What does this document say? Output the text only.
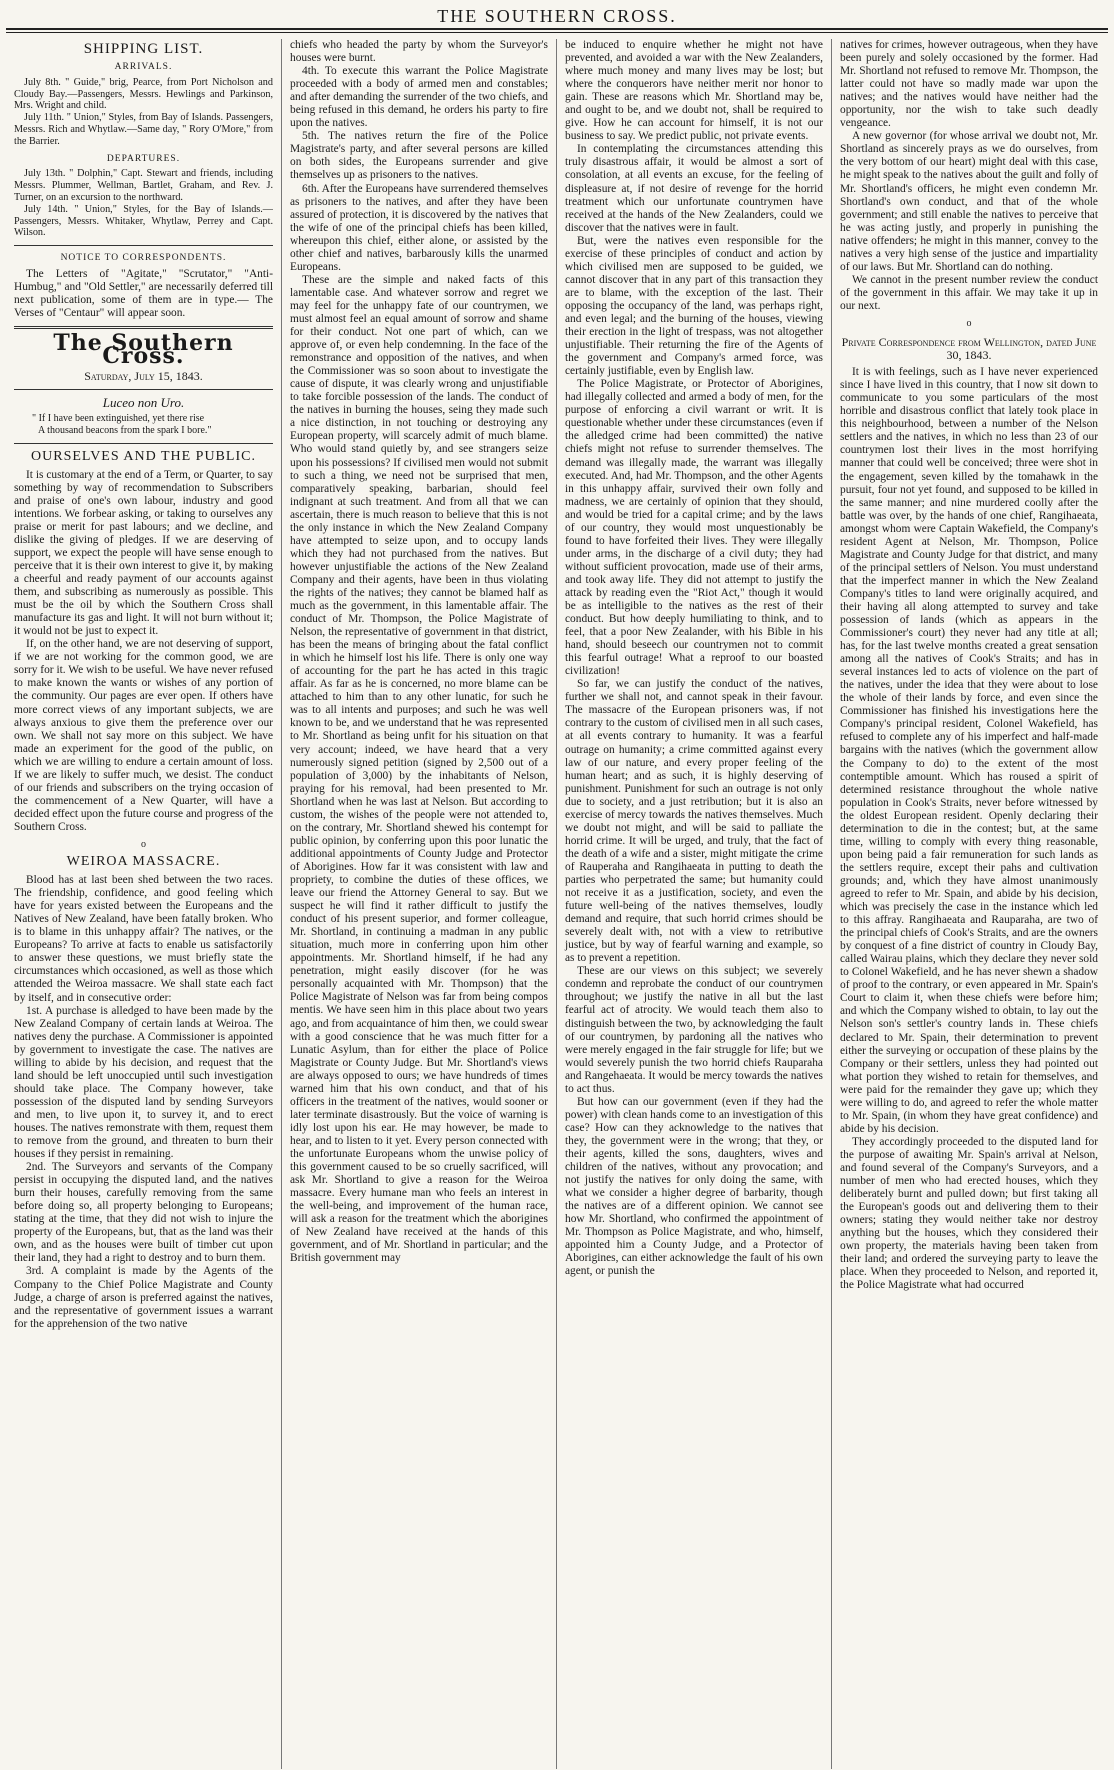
THE SOUTHERN CROSS.
SHIPPING LIST.
ARRIVALS.

July 8th. " Guide," brig, Pearce, from Port Nicholson and Cloudy Bay.—Passengers, Messrs. Hewlings and Parkinson, Mrs. Wright and child.

July 11th. " Union," Styles, from Bay of Islands. Passengers, Messrs. Rich and Whytlaw.—Same day, " Rory O'More," from the Barrier.

DEPARTURES.

July 13th. " Dolphin," Capt. Stewart and friends, including Messrs. Plummer, Wellman, Bartlet, Graham, and Rev. J. Turner, on an excursion to the northward.

July 14th. " Union," Styles, for the Bay of Islands.—Passengers, Messrs. Whitaker, Whytlaw, Perrey and Capt. Wilson.

NOTICE TO CORRESPONDENTS.

The Letters of "Agitate," "Scrutator," "Anti-Humbug," and "Old Settler," are necessarily deferred till next publication, some of them are in type.— The Verses of "Centaur" will appear soon.

The Southern Cross.
Saturday, July 15, 1843.
Luceo non Uro.
" If I have been extinguished, yet there rise
A thousand beacons from the spark I bore."
OURSELVES AND THE PUBLIC.

It is customary at the end of a Term, or Quarter, to say something by way of recommendation to Subscribers and praise of one's own labour, industry and good intentions. We forbear asking, or taking to ourselves any praise or merit for past labours; and we decline, and dislike the giving of pledges. If we are deserving of support, we expect the people will have sense enough to perceive that it is their own interest to give it, by making a cheerful and ready payment of our accounts against them, and subscribing as numerously as possible. This must be the oil by which the Southern Cross shall manufacture its gas and light. It will not burn without it; it would not be just to expect it.

If, on the other hand, we are not deserving of support, if we are not working for the common good, we are sorry for it. We wish to be useful. We have never refused to make known the wants or wishes of any portion of the community. Our pages are ever open. If others have more correct views of any important subjects, we are always anxious to give them the preference over our own. We shall not say more on this subject. We have made an experiment for the good of the public, on which we are willing to endure a certain amount of loss. If we are likely to suffer much, we desist. The conduct of our friends and subscribers on the trying occasion of the commencement of a New Quarter, will have a decided effect upon the future course and progress of the Southern Cross.

o
WEIROA MASSACRE.

Blood has at last been shed between the two races. The friendship, confidence, and good feeling which have for years existed between the Europeans and the Natives of New Zealand, have been fatally broken. Who is to blame in this unhappy affair? The natives, or the Europeans? To arrive at facts to enable us satisfactorily to answer these questions, we must briefly state the circumstances which occasioned, as well as those which attended the Weiroa massacre. We shall state each fact by itself, and in consecutive order:

1st. A purchase is alledged to have been made by the New Zealand Company of certain lands at Weiroa. The natives deny the purchase. A Commissioner is appointed by government to investigate the case. The natives are willing to abide by his decision, and request that the land should be left unoccupied until such investigation should take place. The Company however, take possession of the disputed land by sending Surveyors and men, to live upon it, to survey it, and to erect houses. The natives remonstrate with them, request them to remove from the ground, and threaten to burn their houses if they persist in remaining.

2nd. The Surveyors and servants of the Company persist in occupying the disputed land, and the natives burn their houses, carefully removing from the same before doing so, all property belonging to Europeans; stating at the time, that they did not wish to injure the property of the Europeans, but, that as the land was their own, and as the houses were built of timber cut upon their land, they had a right to destroy and to burn them.

3rd. A complaint is made by the Agents of the Company to the Chief Police Magistrate and County Judge, a charge of arson is preferred against the natives, and the representative of government issues a warrant for the apprehension of the two native

chiefs who headed the party by whom the Surveyor's houses were burnt.

4th. To execute this warrant the Police Magistrate proceeded with a body of armed men and constables; and after demanding the surrender of the two chiefs, and being refused in this demand, he orders his party to fire upon the natives.

5th. The natives return the fire of the Police Magistrate's party, and after several persons are killed on both sides, the Europeans surrender and give themselves up as prisoners to the natives.

6th. After the Europeans have surrendered themselves as prisoners to the natives, and after they have been assured of protection, it is discovered by the natives that the wife of one of the principal chiefs has been killed, whereupon this chief, either alone, or assisted by the other chief and natives, barbarously kills the unarmed Europeans.

These are the simple and naked facts of this lamentable case. And whatever sorrow and regret we may feel for the unhappy fate of our countrymen, we must almost feel an equal amount of sorrow and shame for their conduct. Not one part of which, can we approve of, or even help condemning. In the face of the remonstrance and opposition of the natives, and when the Commissioner was so soon about to investigate the cause of dispute, it was clearly wrong and unjustifiable to take forcible possession of the lands. The conduct of the natives in burning the houses, seing they made such a nice distinction, in not touching or destroying any European property, will scarcely admit of much blame. Who would stand quietly by, and see strangers seize upon his possessions? If civilised men would not submit to such a thing, we need not be surprised that men, comparatively speaking, barbarian, should feel indignant at such treatment. And from all that we can ascertain, there is much reason to believe that this is not the only instance in which the New Zealand Company have attempted to seize upon, and to occupy lands which they had not purchased from the natives. But however unjustifiable the actions of the New Zealand Company and their agents, have been in thus violating the rights of the natives; they cannot be blamed half as much as the government, in this lamentable affair. The conduct of Mr. Thompson, the Police Magistrate of Nelson, the representative of government in that district, has been the means of bringing about the fatal conflict in which he himself lost his life. There is only one way of accounting for the part he has acted in this tragic affair. As far as he is concerned, no more blame can be attached to him than to any other lunatic, for such he was to all intents and purposes; and such he was well known to be, and we understand that he was represented to Mr. Shortland as being unfit for his situation on that very account; indeed, we have heard that a very numerously signed petition (signed by 2,500 out of a population of 3,000) by the inhabitants of Nelson, praying for his removal, had been presented to Mr. Shortland when he was last at Nelson. But according to custom, the wishes of the people were not attended to, on the contrary, Mr. Shortland shewed his contempt for public opinion, by conferring upon this poor lunatic the additional appointments of County Judge and Protector of Aborigines. How far it was consistent with law and propriety, to combine the duties of these offices, we leave our friend the Attorney General to say. But we suspect he will find it rather difficult to justify the conduct of his present superior, and former colleague, Mr. Shortland, in continuing a madman in any public situation, much more in conferring upon him other appointments. Mr. Shortland himself, if he had any penetration, might easily discover (for he was personally acquainted with Mr. Thompson) that the Police Magistrate of Nelson was far from being compos mentis. We have seen him in this place about two years ago, and from acquaintance of him then, we could swear with a good conscience that he was much fitter for a Lunatic Asylum, than for either the place of Police Magistrate or County Judge. But Mr. Shortland's views are always opposed to ours; we have hundreds of times warned him that his own conduct, and that of his officers in the treatment of the natives, would sooner or later terminate disastrously. But the voice of warning is idly lost upon his ear. He may however, be made to hear, and to listen to it yet. Every person connected with the unfortunate Europeans whom the unwise policy of this government caused to be so cruelly sacrificed, will ask Mr. Shortland to give a reason for the Weiroa massacre. Every humane man who feels an interest in the well-being, and improvement of the human race, will ask a reason for the treatment which the aborigines of New Zealand have received at the hands of this government, and of Mr. Shortland in particular; and the British government may

be induced to enquire whether he might not have prevented, and avoided a war with the New Zealanders, where much money and many lives may be lost; but where the conquerors have neither merit nor honor to gain. These are reasons which Mr. Shortland may be, and ought to be, and we doubt not, shall be required to give. How he can account for himself, it is not our business to say. We predict public, not private events.

In contemplating the circumstances attending this truly disastrous affair, it would be almost a sort of consolation, at all events an excuse, for the feeling of displeasure at, if not desire of revenge for the horrid treatment which our unfortunate countrymen have received at the hands of the New Zealanders, could we discover that the natives were in fault.

But, were the natives even responsible for the exercise of these principles of conduct and action by which civilised men are supposed to be guided, we cannot discover that in any part of this transaction they are to blame, with the exception of the last. Their opposing the occupancy of the land, was perhaps right, and even legal; and the burning of the houses, viewing their erection in the light of trespass, was not altogether unjustifiable. Their returning the fire of the Agents of the government and Company's armed force, was certainly justifiable, even by English law.

The Police Magistrate, or Protector of Aborigines, had illegally collected and armed a body of men, for the purpose of enforcing a civil warrant or writ. It is questionable whether under these circumstances (even if the alledged crime had been committed) the native chiefs might not refuse to surrender themselves. The demand was illegally made, the warrant was illegally executed. And, had Mr. Thompson, and the other Agents in this unhappy affair, survived their own folly and madness, we are certainly of opinion that they should, and would be tried for a capital crime; and by the laws of our country, they would most unquestionably be found to have forfeited their lives. They were illegally under arms, in the discharge of a civil duty; they had without sufficient provocation, made use of their arms, and took away life. They did not attempt to justify the attack by reading even the "Riot Act," though it would be as intelligible to the natives as the rest of their conduct. But how deeply humiliating to think, and to feel, that a poor New Zealander, with his Bible in his hand, should beseech our countrymen not to commit this fearful outrage! What a reproof to our boasted civilization!

So far, we can justify the conduct of the natives, further we shall not, and cannot speak in their favour. The massacre of the European prisoners was, if not contrary to the custom of civilised men in all such cases, at all events contrary to humanity. It was a fearful outrage on humanity; a crime committed against every law of our nature, and every proper feeling of the human heart; and as such, it is highly deserving of punishment. Punishment for such an outrage is not only due to society, and a just retribution; but it is also an exercise of mercy towards the natives themselves. Much we doubt not might, and will be said to palliate the horrid crime. It will be urged, and truly, that the fact of the death of a wife and a sister, might mitigate the crime of Rauperaha and Rangihaeata in putting to death the parties who perpetrated the same; but humanity could not receive it as a justification, society, and even the future well-being of the natives themselves, loudly demand and require, that such horrid crimes should be severely dealt with, not with a view to retributive justice, but by way of fearful warning and example, so as to prevent a repetition.

These are our views on this subject; we severely condemn and reprobate the conduct of our countrymen throughout; we justify the native in all but the last fearful act of atrocity. We would teach them also to distinguish between the two, by acknowledging the fault of our countrymen, by pardoning all the natives who were merely engaged in the fair struggle for life; but we would severely punish the two horrid chiefs Rauparaha and Rangehaeata. It would be mercy towards the natives to act thus.

But how can our government (even if they had the power) with clean hands come to an investigation of this case? How can they acknowledge to the natives that they, the government were in the wrong; that they, or their agents, killed the sons, daughters, wives and children of the natives, without any provocation; and not justify the natives for only doing the same, with what we consider a higher degree of barbarity, though the natives are of a different opinion. We cannot see how Mr. Shortland, who confirmed the appointment of Mr. Thompson as Police Magistrate, and who, himself, appointed him a County Judge, and a Protector of Aborigines, can either acknowledge the fault of his own agent, or punish the

natives for crimes, however outrageous, when they have been purely and solely occasioned by the former. Had Mr. Shortland not refused to remove Mr. Thompson, the latter could not have so madly made war upon the natives; and the natives would have neither had the opportunity, nor the wish to take such deadly vengeance.

A new governor (for whose arrival we doubt not, Mr. Shortland as sincerely prays as we do ourselves, from the very bottom of our heart) might deal with this case, he might speak to the natives about the guilt and folly of Mr. Shortland's officers, he might even condemn Mr. Shortland's own conduct, and that of the whole government; and still enable the natives to perceive that he was acting justly, and properly in punishing the native offenders; he might in this manner, convey to the natives a very high sense of the justice and impartiality of our laws. But Mr. Shortland can do nothing.

We cannot in the present number review the conduct of the government in this affair. We may take it up in our next.

o
Private Correspondence from Wellington, dated June 30, 1843.

It is with feelings, such as I have never experienced since I have lived in this country, that I now sit down to communicate to you some particulars of the most horrible and disastrous conflict that lately took place in this neighbourhood, between a number of the Nelson settlers and the natives, in which no less than 23 of our countrymen lost their lives in the most horrifying manner that could well be conceived; three were shot in the engagement, seven killed by the tomahawk in the pursuit, four not yet found, and supposed to be killed in the same manner; and nine murdered coolly after the battle was over, by the hands of one chief, Rangihaeata, amongst whom were Captain Wakefield, the Company's resident Agent at Nelson, Mr. Thompson, Police Magistrate and County Judge for that district, and many of the principal settlers of Nelson. You must understand that the imperfect manner in which the New Zealand Company's titles to land were originally acquired, and their having all along attempted to survey and take possession of lands (which as appears in the Commissioner's court) they never had any title at all; has, for the last twelve months created a great sensation among all the natives of Cook's Straits; and has in several instances led to acts of violence on the part of the natives, under the idea that they were about to lose the whole of their lands by force, and even since the Commissioner has finished his investigations here the Company's principal resident, Colonel Wakefield, has refused to complete any of his imperfect and half-made bargains with the natives (which the government allow the Company to do) to the extent of the most contemptible amount. Which has roused a spirit of determined resistance throughout the whole native population in Cook's Straits, never before witnessed by the oldest European resident. Openly declaring their determination to die in the contest; but, at the same time, willing to comply with every thing reasonable, upon being paid a fair remuneration for such lands as the settlers require, except their pahs and cultivation grounds; and, which they have almost unanimously agreed to refer to Mr. Spain, and abide by his decision, which was precisely the case in the instance which led to this affray. Rangihaeata and Rauparaha, are two of the principal chiefs of Cook's Straits, and are the owners by conquest of a fine district of country in Cloudy Bay, called Wairau plains, which they declare they never sold to Colonel Wakefield, and he has never shewn a shadow of proof to the contrary, or even appeared in Mr. Spain's Court to claim it, when these chiefs were before him; and which the Company wished to obtain, to lay out the Nelson son's settler's country lands in. These chiefs declared to Mr. Spain, their determination to prevent either the surveying or occupation of these plains by the Company or their settlers, unless they had pointed out what portion they wished to retain for themselves, and were paid for the remainder they gave up; which they were willing to do, and agreed to refer the whole matter to Mr. Spain, (in whom they have great confidence) and abide by his decision.

They accordingly proceeded to the disputed land for the purpose of awaiting Mr. Spain's arrival at Nelson, and found several of the Company's Surveyors, and a number of men who had erected houses, which they deliberately burnt and pulled down; but first taking all the European's goods out and delivering them to their owners; stating they would neither take nor destroy anything but the houses, which they considered their own property, the materials having been taken from their land; and ordered the surveying party to leave the place. When they proceeded to Nelson, and reported it, the Police Magistrate what had occurred
